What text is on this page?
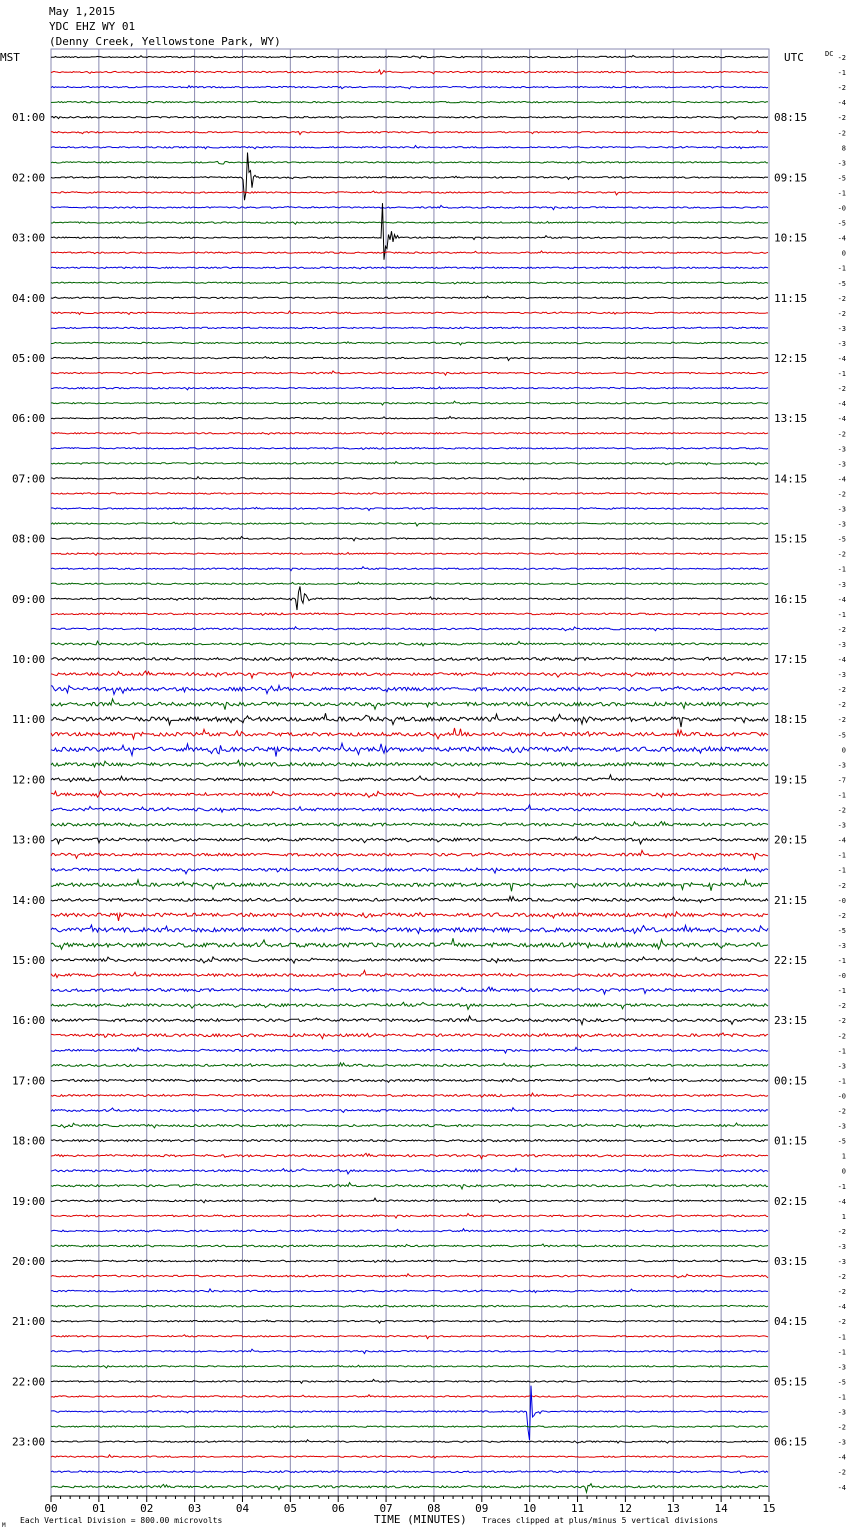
May 1,2015
YDC EHZ WY 01
(Denny Creek, Yellowstone Park, WY)
MST	UTC	DC
01:00
02:00
03:00
04:00
05:00
06:00
07:00
08:00
09:00
10:00
11:00
12:00
13:00
14:00
15:00
16:00
17:00
18:00
19:00
20:00
21:00
22:00
23:00
08:15
09:15
10:15
11:15
12:15
13:15
14:15
15:15
16:15
17:15
18:15
19:15
20:15
21:15
22:15
23:15
00:15
01:15
02:15
03:15
04:15
05:15
06:15
-2
-1
-2
-4
-2
-2
8
-3
-5
-1
-0
-5
-4
0
-1
-5
-2
-2
-3
-3
-4
-1
-2
-4
-4
-2
-3
-3
-4
-2
-3
-3
-5
-2
-1
-3
-4
-1
-2
-3
-4
-3
-2
-2
-2
-5
0
-3
-7
-1
-2
-3
-4
-1
-1
-2
-0
-2
-5
-3
-1
-0
-1
-2
-2
-2
-1
-3
-1
-0
-2
-3
-5
1
0
-1
-4
1
-2
-3
-3
-2
-2
-4
-2
-1
-1
-3
-5
-1
-3
-2
-3
-4
-2
-4
00	01	02	03	04	05	06	07	08	09	10	11	12	13	14	15
M
Each Vertical Division = 800.00 microvolts	TIME (MINUTES) Traces clipped at plus/minus 5 vertical divisions
